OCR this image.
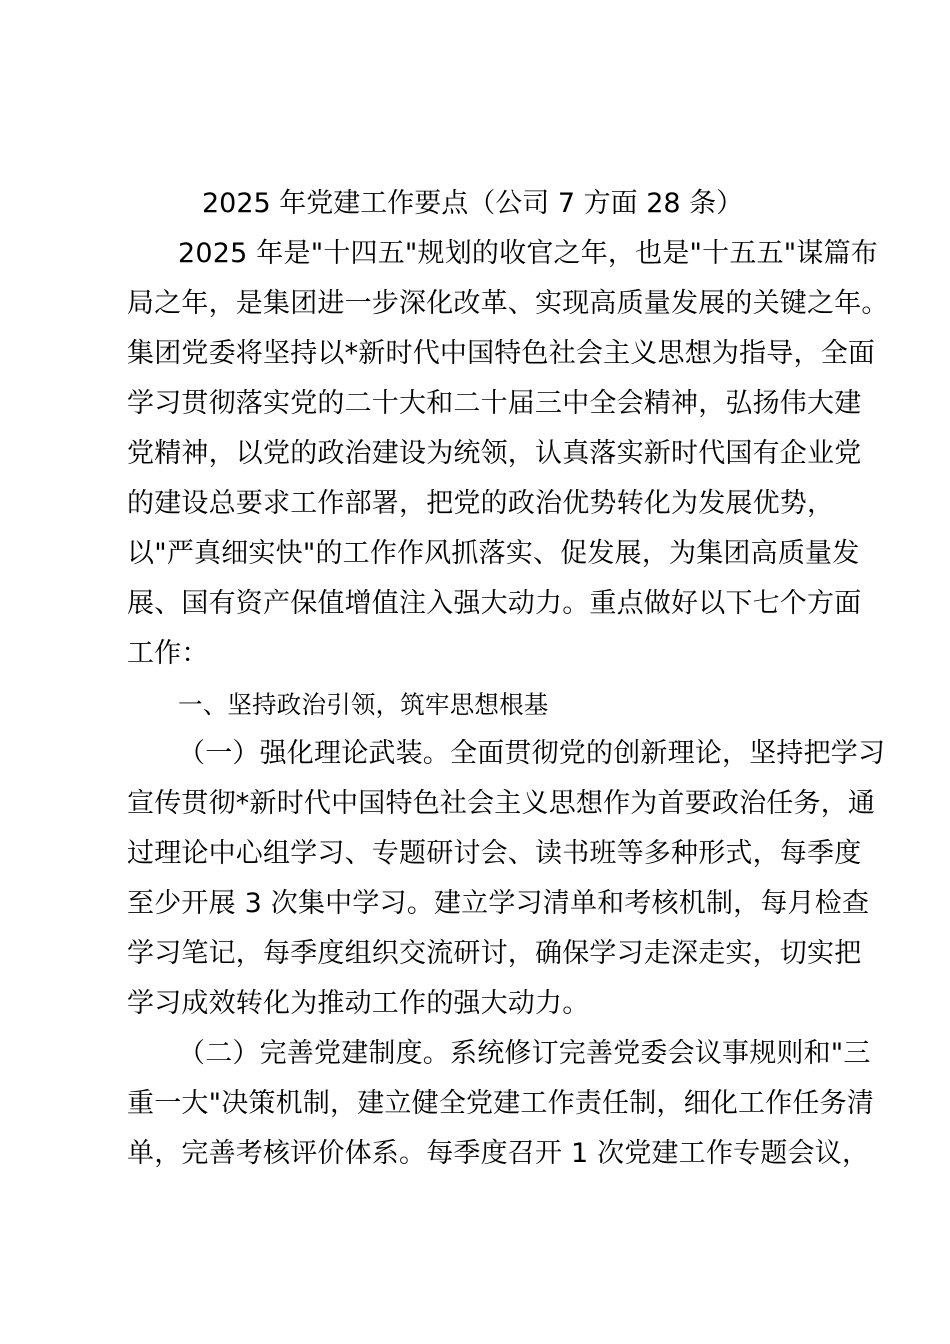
2025 年党建工作要点（公司 7 方面 28 条）
2025 年是"十四五"规划的收官之年，也是"十五五"谋篇布
局之年，是集团进一步深化改革、实现高质量发展的关键之年。
集团党委将坚持以*新时代中国特色社会主义思想为指导，全面
学习贯彻落实党的二十大和二十届三中全会精神，弘扬伟大建
党精神，以党的政治建设为统领，认真落实新时代国有企业党
的建设总要求工作部署，把党的政治优势转化为发展优势，
以"严真细实快"的工作作风抓落实、促发展，为集团高质量发
展、国有资产保值增值注入强大动力。重点做好以下七个方面
工作：
一、坚持政治引领，筑牢思想根基
（一）强化理论武装。全面贯彻党的创新理论，坚持把学习
宣传贯彻*新时代中国特色社会主义思想作为首要政治任务，通
过理论中心组学习、专题研讨会、读书班等多种形式，每季度
至少开展 3 次集中学习。建立学习清单和考核机制，每月检查
学习笔记，每季度组织交流研讨，确保学习走深走实，切实把
学习成效转化为推动工作的强大动力。
（二）完善党建制度。系统修订完善党委会议事规则和"三
重一大"决策机制，建立健全党建工作责任制，细化工作任务清
单，完善考核评价体系。每季度召开 1 次党建工作专题会议，
